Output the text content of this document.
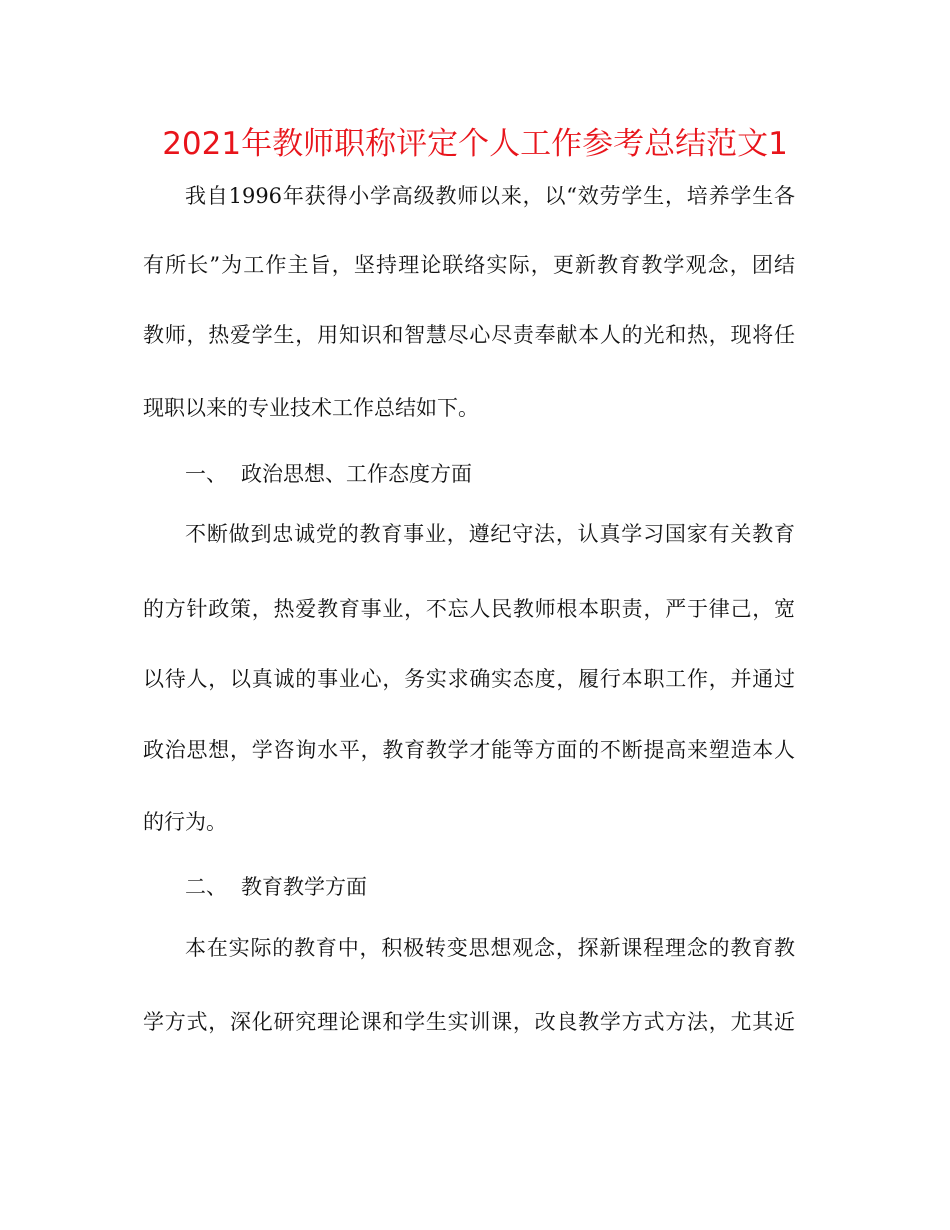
2021年教师职称评定个人工作参考总结范文1

我自1996年获得小学高级教师以来，以“效劳学生，培养学生各

有所长”为工作主旨，坚持理论联络实际，更新教育教学观念，团结

教师，热爱学生，用知识和智慧尽心尽责奉献本人的光和热，现将任

现职以来的专业技术工作总结如下。

一、 政治思想、工作态度方面

不断做到忠诚党的教育事业，遵纪守法，认真学习国家有关教育

的方针政策，热爱教育事业，不忘人民教师根本职责，严于律己，宽

以待人，以真诚的事业心，务实求确实态度，履行本职工作，并通过

政治思想，学咨询水平，教育教学才能等方面的不断提高来塑造本人

的行为。

二、 教育教学方面

本在实际的教育中，积极转变思想观念，探新课程理念的教育教

学方式，深化研究理论课和学生实训课，改良教学方式方法，尤其近
